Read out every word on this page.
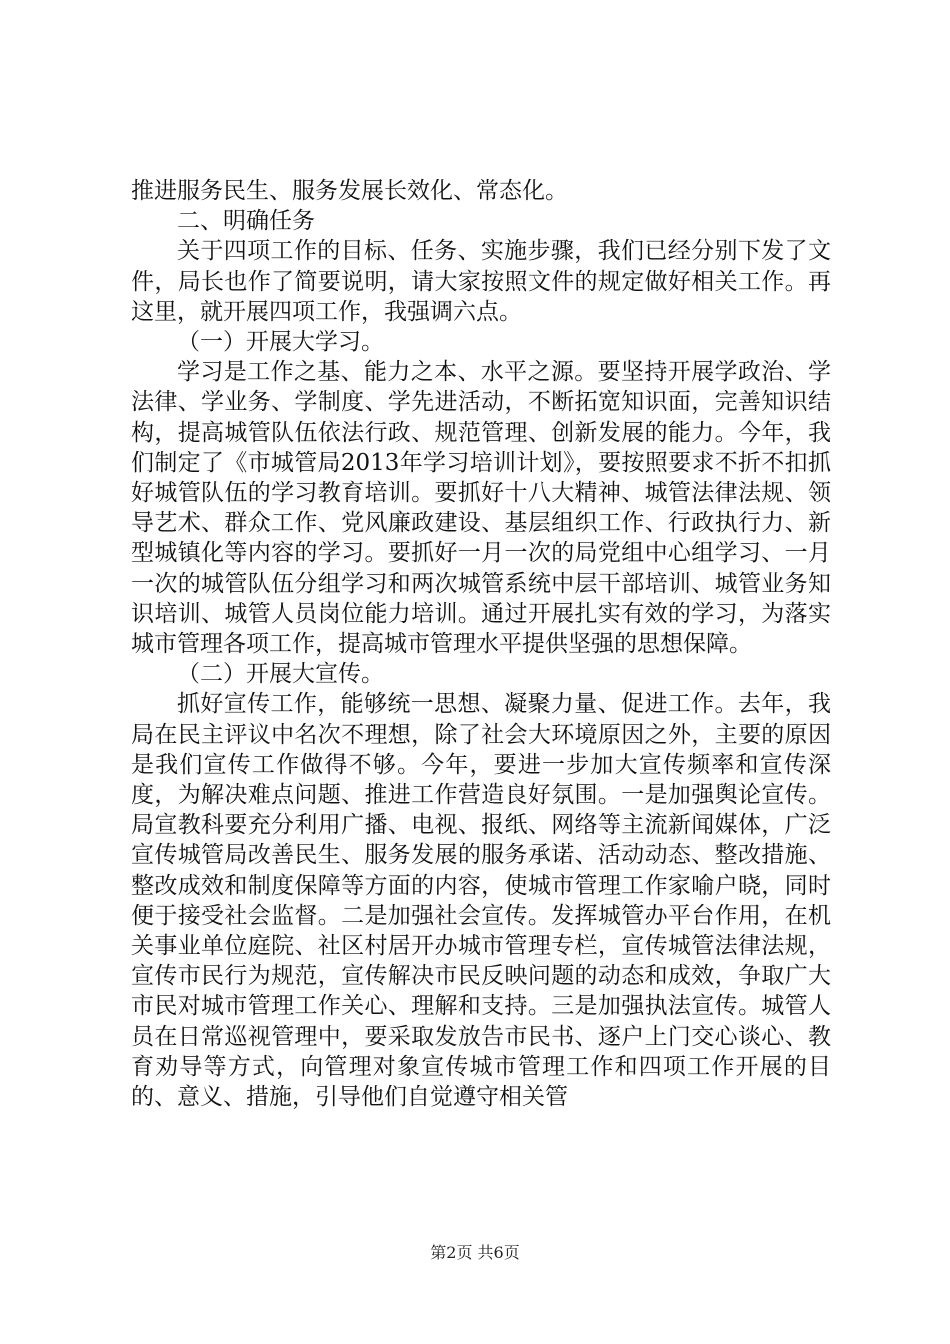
推进服务民生、服务发展长效化、常态化。

二、明确任务

关于四项工作的目标、任务、实施步骤，我们已经分别下发了文件，局长也作了简要说明，请大家按照文件的规定做好相关工作。再这里，就开展四项工作，我强调六点。

（一）开展大学习。

学习是工作之基、能力之本、水平之源。要坚持开展学政治、学法律、学业务、学制度、学先进活动，不断拓宽知识面，完善知识结构，提高城管队伍依法行政、规范管理、创新发展的能力。今年，我们制定了《市城管局2013年学习培训计划》，要按照要求不折不扣抓好城管队伍的学习教育培训。要抓好十八大精神、城管法律法规、领导艺术、群众工作、党风廉政建设、基层组织工作、行政执行力、新型城镇化等内容的学习。要抓好一月一次的局党组中心组学习、一月一次的城管队伍分组学习和两次城管系统中层干部培训、城管业务知识培训、城管人员岗位能力培训。通过开展扎实有效的学习，为落实城市管理各项工作，提高城市管理水平提供坚强的思想保障。

（二）开展大宣传。

抓好宣传工作，能够统一思想、凝聚力量、促进工作。去年，我局在民主评议中名次不理想，除了社会大环境原因之外，主要的原因是我们宣传工作做得不够。今年，要进一步加大宣传频率和宣传深度，为解决难点问题、推进工作营造良好氛围。一是加强舆论宣传。局宣教科要充分利用广播、电视、报纸、网络等主流新闻媒体，广泛宣传城管局改善民生、服务发展的服务承诺、活动动态、整改措施、整改成效和制度保障等方面的内容，使城市管理工作家喻户晓，同时便于接受社会监督。二是加强社会宣传。发挥城管办平台作用，在机关事业单位庭院、社区村居开办城市管理专栏，宣传城管法律法规，宣传市民行为规范，宣传解决市民反映问题的动态和成效，争取广大市民对城市管理工作关心、理解和支持。三是加强执法宣传。城管人员在日常巡视管理中，要采取发放告市民书、逐户上门交心谈心、教育劝导等方式，向管理对象宣传城市管理工作和四项工作开展的目的、意义、措施，引导他们自觉遵守相关管

第2页 共6页
